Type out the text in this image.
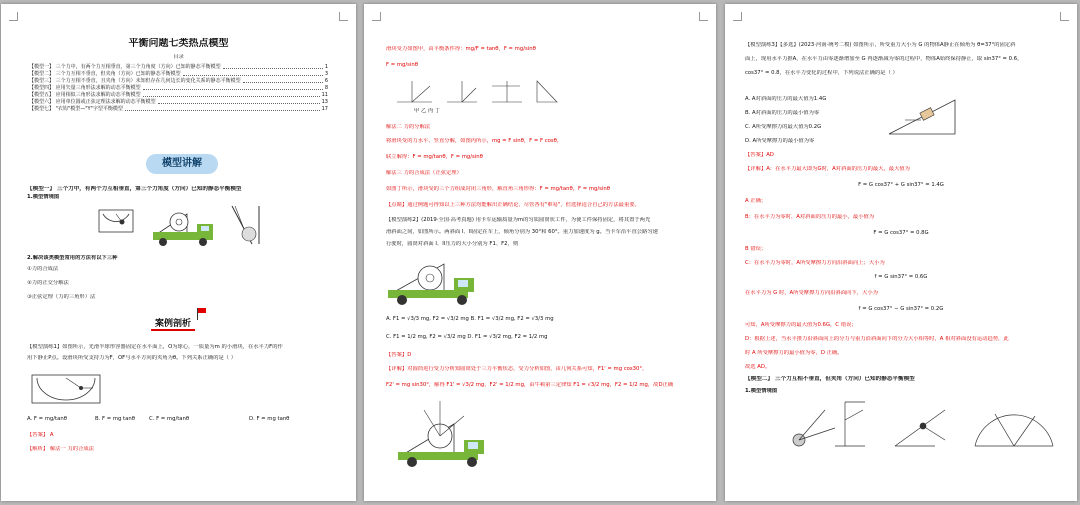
平衡问题七类热点模型
目录
【模型一】 三个力中，有两个力互相垂直，第三个力角度（方向）已知的静态平衡模型	1
【模型二】 三个力互相不垂直，但夹角（方向）已知的静态平衡模型	3
【模型三】 三个力互相不垂直，且夹角（方向）未知但存在几何边长的变化关系的静态平衡模型	6
【模型四】 应用矢量三角形法求解的动态平衡模型	8
【模型五】 应用相似三角形法求解的动态平衡模型	11
【模型六】 应用单位圆或正弦定理法求解的动态平衡模型	13
【模型七】 "衣钩"模型—"Y"字型平衡模型	17
模型讲解
【模型一】 三个力中，有两个力互相垂直，第三个力角度（方向）已知的静态平衡模型
1.模型情境图
2.解决该类模型常用的方法有以下三种
①力的合成法
②力的正交分解法
③正弦定理（力的三角形）法
案例剖析
【模型演练1】如图所示，光滑半球形容器固定在水平面上，O为球心，一质量为m 的小滑块，在水平力F的作
用下静止P点。设滑块所受支持力为F，OF与水平方向的夹角为θ。下列关系正确的是（ ）
A. F = mg/tanθ	B. F = mg tanθ	C. F = mg/tanθ	D. F = mg tanθ
【答案】 A
【解析】 解法一 力的合成法
滑块受力如图甲，由平衡条件得：mg/F = tanθ，F = mg/sinθ
F = mg/sinθ
甲 乙 丙 丁
解法二 力的分解法
将滑块受的力水平、竖直分解，如图丙所示，mg = F sinθ，F = F cosθ，
联立解得：F = mg/tanθ，F = mg/sinθ
解法三 力的合成法（正弦定理）
如图丁所示，滑块受的三个力组成封闭三角形，解直角三角形得：F = mg/tanθ，F = mg/sinθ
【点睛】通过例题可得知以上三种方法均能解出正确结论，尽管各有"难易"，但选择适合自己的方法最重要。
【模型演练2】(2019·全国·高考真题) 用卡车运输质量为m的匀质圆筒状工件，为使工件保持固定，将其置于两光
滑斜面之间，如图所示。两斜面 I、II固定在车上，倾角分别为 30°和 60°。重力加速度为 g。当卡车沿平直公路匀速
行驶时，圆筒对斜面 I、II压力的大小分别为 F1、F2，则
A. F1 = √3/3 mg, F2 = √3/2 mg B. F1 = √3/2 mg, F2 = √3/3 mg
C. F1 = 1/2 mg, F2 = √3/2 mg D. F1 = √3/2 mg, F2 = 1/2 mg
【答案】D
【详解】对圆筒进行受力分析知圆筒处于三力平衡状态，受力分析如图，由几何关系可知，F1' = mg cos30°，
F2' = mg sin30°，解得 F1' = √3/2 mg，F2' = 1/2 mg，由牛顿第三定律知 F1 = √3/2 mg，F2 = 1/2 mg，故D正确
【模型演练3】【多选】(2023·河南·统考二模) 如图所示，所受重力大小为 G 的物体A静止在倾角为 θ=37°的固定斜
面上，现用水平力推A，在水平力由零逐渐增加至 G 再逐渐减为零的过程中，物体A始终保持静止，取 sin37° = 0.6，
cos37° = 0.8，在水平力变化的过程中，下列说法正确的是（ ）
A. A对斜面的压力的最大值为1.4G
B. A对斜面的压力的最小值为零
C. A所受摩擦力的最大值为0.2G
D. A所受摩擦力的最小值为零
【答案】AD
【详解】A：在水平力最大即为G时，A对斜面的压力的最大，最大值为
F = G cos37° + G sin37° = 1.4G
A 正确；
B：在水平力为零时，A对斜面的压力的最小，最小值为
F = G cos37° = 0.8G
B 错误；
C：在水平力为零时，A所受摩擦力方向沿斜面向上；大小为
f = G sin37° = 0.6G
在水平力为 G 时，A所受摩擦力方向沿斜面向下，大小为
f = G cos37° − G sin37° = 0.2G
可知，A所受摩擦力的最大值为0.6G，C 错误；
D：根据上述，当水平推力沿斜面向上的分力与重力沿斜面向下的分力大小相等时，A 相对斜面没有运动趋势，此
时 A 所受摩擦力的最小值为零，D 正确。
故选 AD。
【模型二】 三个力互相不垂直，但夹角（方向）已知的静态平衡模型
1.模型情境图
